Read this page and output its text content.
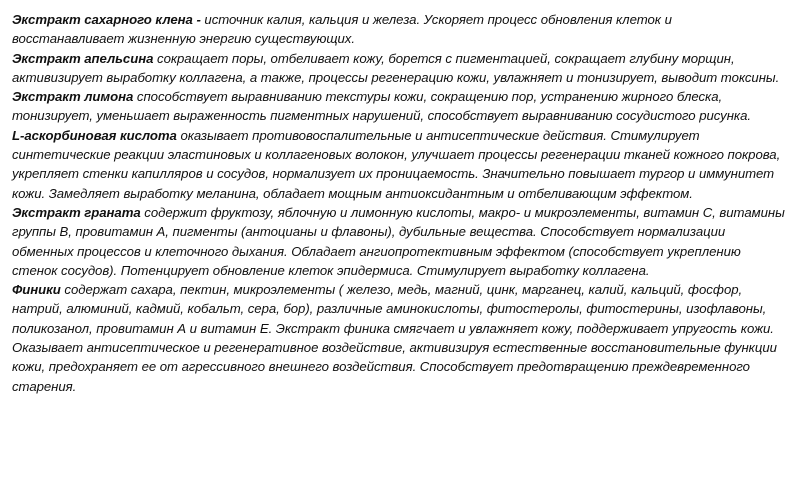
Экстракт сахарного клена - источник калия, кальция и железа. Ускоряет процесс обновления клеток и восстанавливает жизненную энергию существующих.

Экстракт апельсина сокращает поры, отбеливает кожу, борется с пигментацией, сокращает глубину морщин, активизирует выработку коллагена, а также, процессы регенерацию кожи, увлажняет и тонизирует, выводит токсины.

Экстракт лимона способствует выравниванию текстуры кожи, сокращению пор, устранению жирного блеска, тонизирует, уменьшает выраженность пигментных нарушений, способствует выравниванию сосудистого рисунка.

L-аскорбиновая кислота оказывает противовоспалительные и антисептические действия. Стимулирует синтетические реакции эластиновых и коллагеновых волокон, улучшает процессы регенерации тканей кожного покрова, укрепляет стенки капилляров и сосудов, нормализует их проницаемость. Значительно повышает тургор и иммунитет кожи. Замедляет выработку меланина, обладает мощным антиоксидантным и отбеливающим эффектом.

Экстракт граната содержит фруктозу, яблочную и лимонную кислоты, макро- и микроэлементы, витамин С, витамины группы В, провитамин А, пигменты (антоцианы и флавоны), дубильные вещества. Способствует нормализации обменных процессов и клеточного дыхания. Обладает ангиопротективным эффектом (способствует укреплению стенок сосудов). Потенцирует обновление клеток эпидермиса. Стимулирует выработку коллагена.

Финики содержат сахара, пектин, микроэлементы ( железо, медь, магний, цинк, марганец, калий, кальций, фосфор, натрий, алюминий, кадмий, кобальт, сера, бор), различные аминокислоты, фитостеролы, фитостерины, изофлавоны, поликозанол, провитамин А и витамин Е. Экстракт финика смягчает и увлажняет кожу, поддерживает упругость кожи. Оказывает антисептическое и регенеративное воздействие, активизируя естественные восстановительные функции кожи, предохраняет ее от агрессивного внешнего воздействия. Способствует предотвращению преждевременного старения.
